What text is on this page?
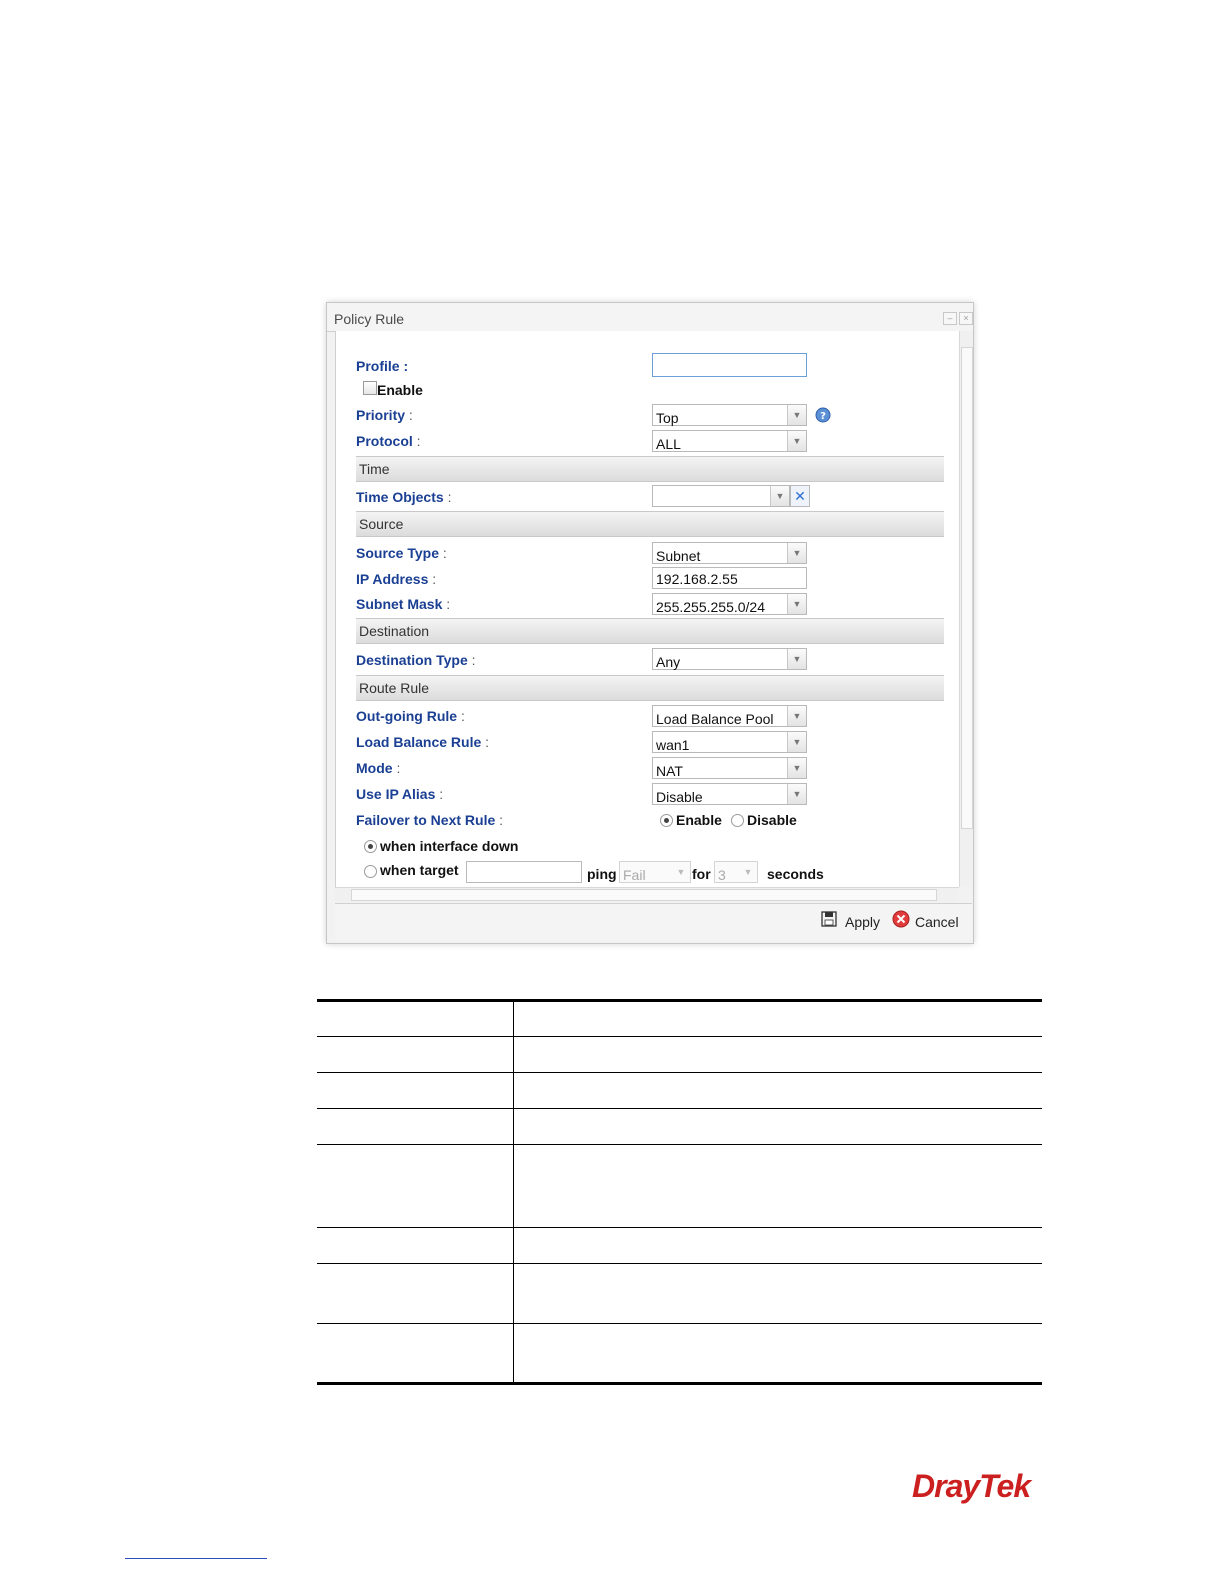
Policy Rule	–	×
Profile :
Enable
Priority :	Top	▼	?
Protocol :	ALL	▼
Time
Time Objects :	▼ ✕
Source
Source Type :	Subnet	▼
IP Address :	192.168.2.55
Subnet Mask :	255.255.255.0/24	▼
Destination
Destination Type :	Any	▼
Route Rule
Out-going Rule :	Load Balance Pool	▼
Load Balance Rule :	wan1	▼
Mode :	NAT	▼
Use IP Alias :	Disable	▼
Failover to Next Rule :	Enable Disable
when interface down
when target	ping Fail	▼ for 3	▼ seconds
Apply Cancel
DrayTek
